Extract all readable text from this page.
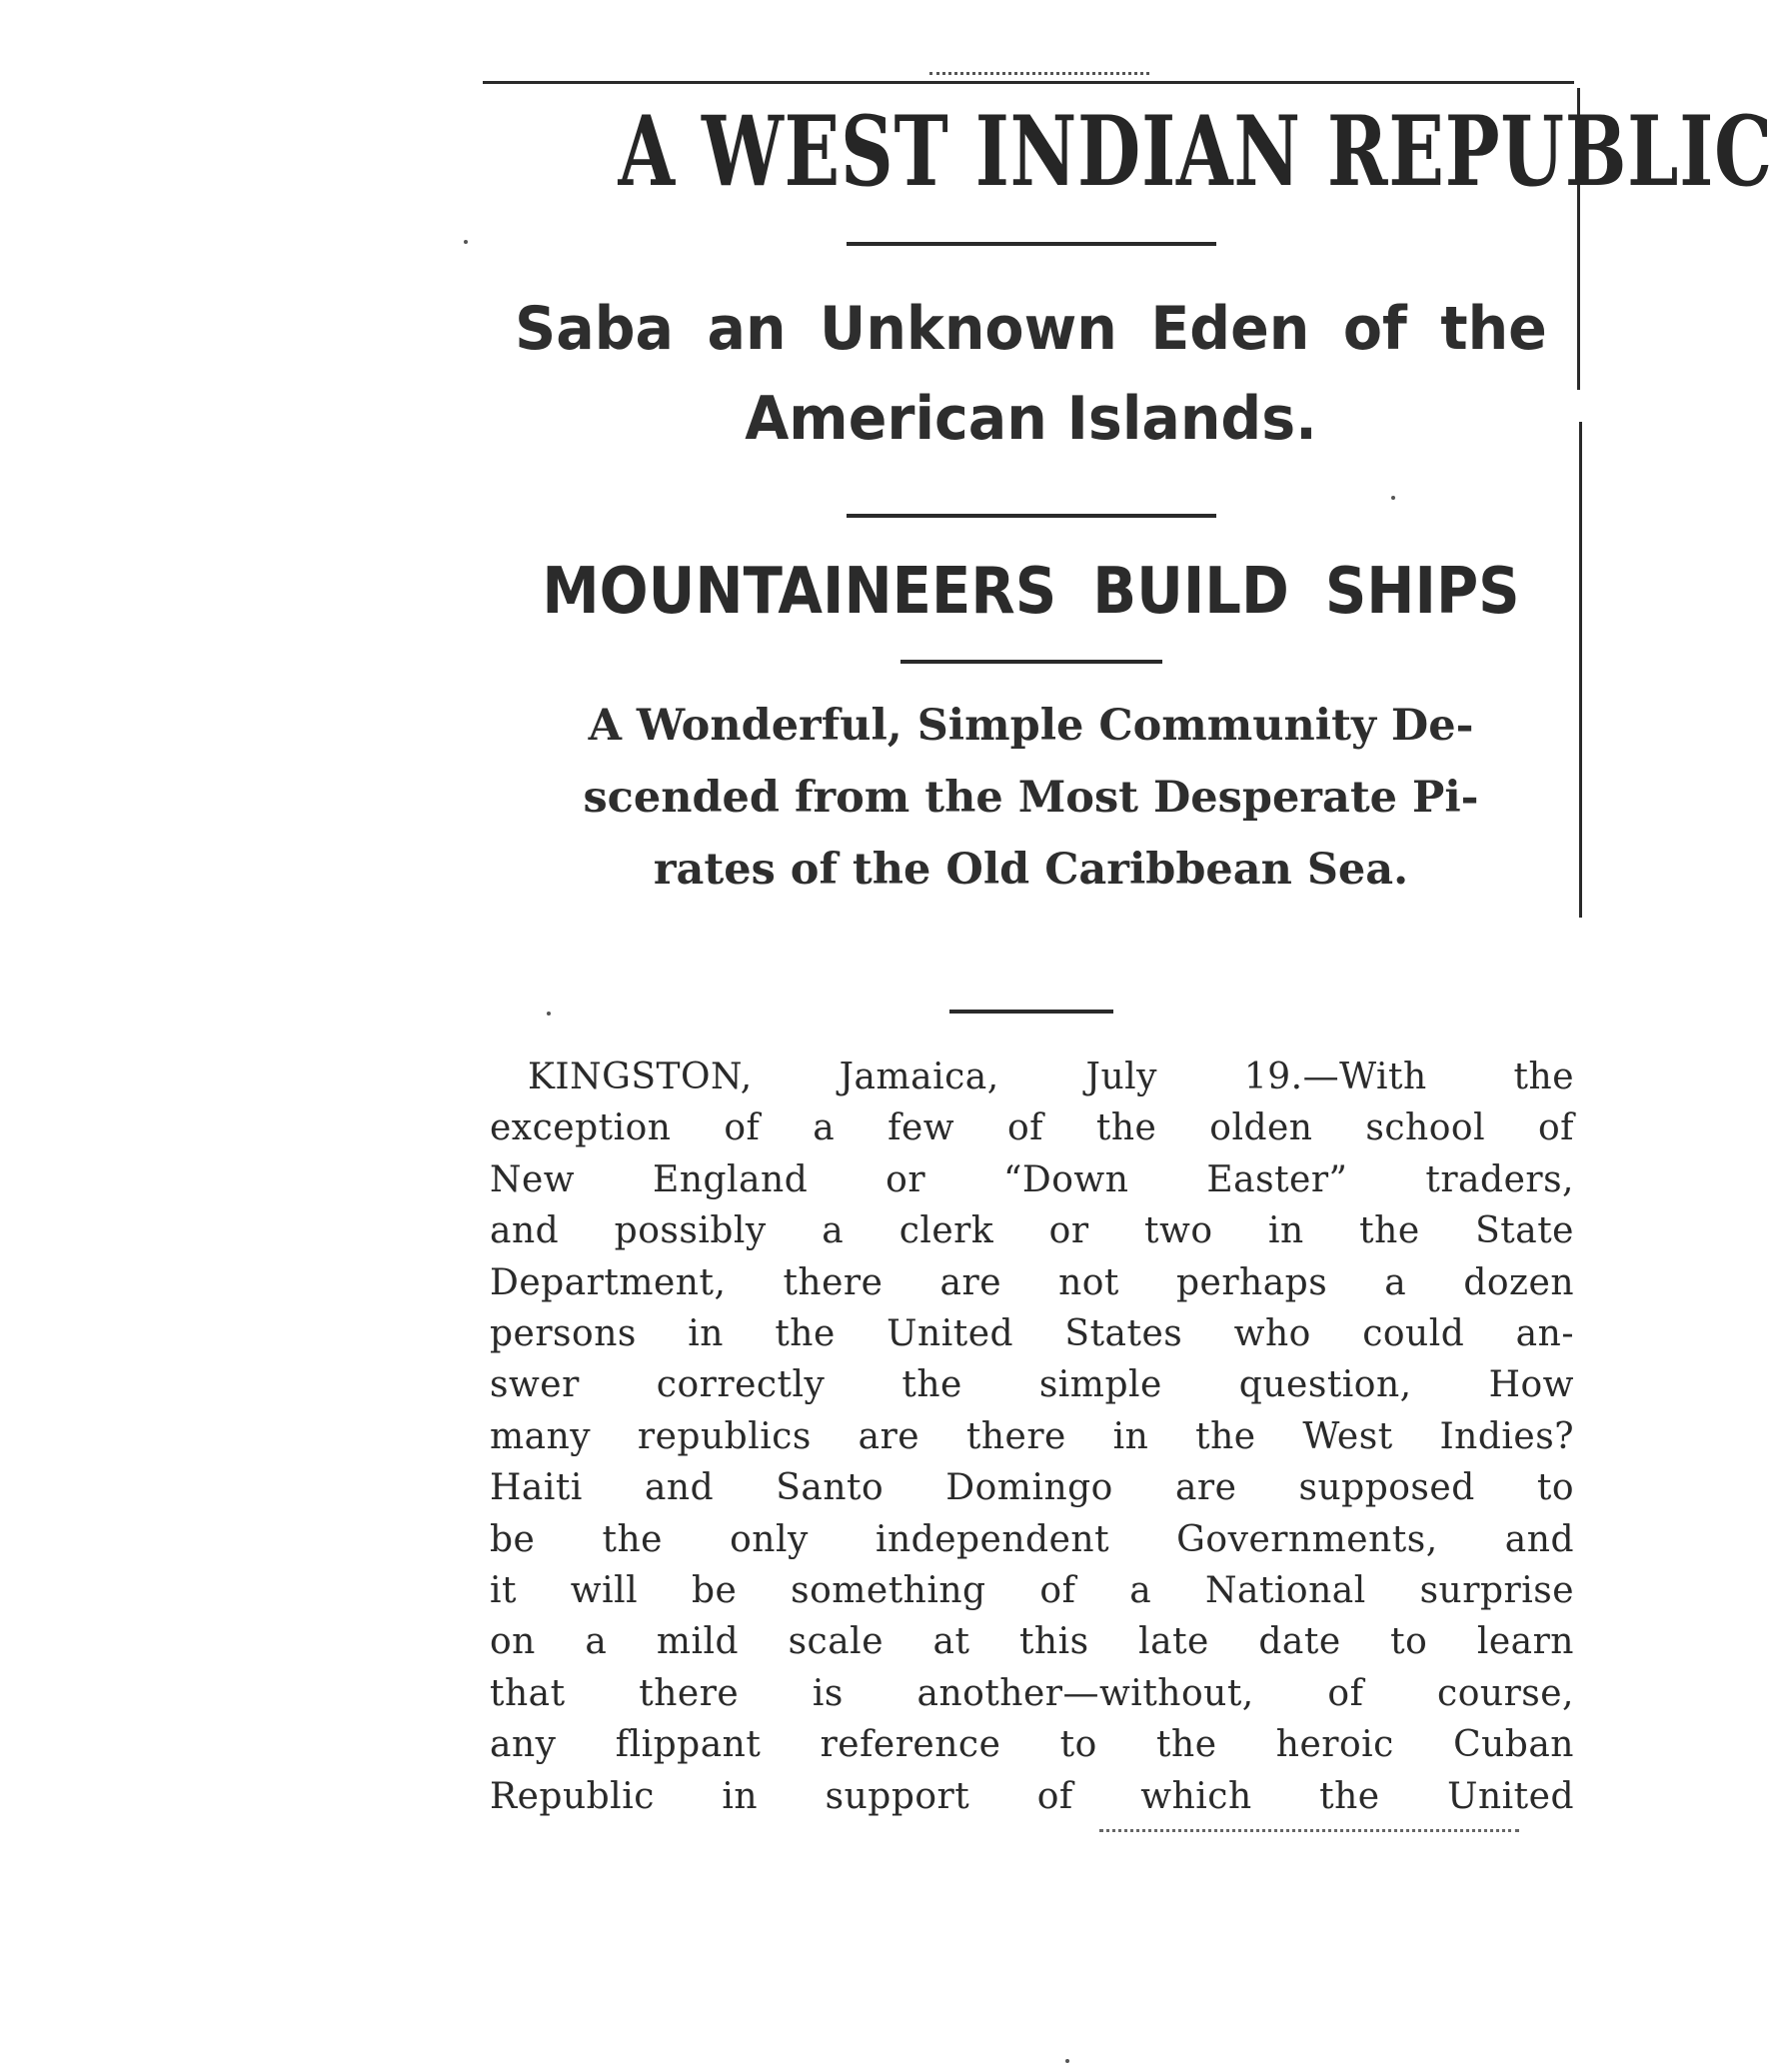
A WEST INDIAN REPUBLIC
Saba an Unknown Eden of the
American Islands.
MOUNTAINEERS BUILD SHIPS
A Wonderful, Simple Community De-
scended from the Most Desperate Pi-
rates of the Old Caribbean Sea.
KINGSTON, Jamaica, July 19.—With the
exception of a few of the olden school of
New England or “Down Easter” traders,
and possibly a clerk or two in the State
Department, there are not perhaps a dozen
persons in the United States who could an-
swer correctly the simple question, How
many republics are there in the West Indies?
Haiti and Santo Domingo are supposed to
be the only independent Governments, and
it will be something of a National surprise
on a mild scale at this late date to learn
that there is another—without, of course,
any flippant reference to the heroic Cuban
Republic in support of which the United
